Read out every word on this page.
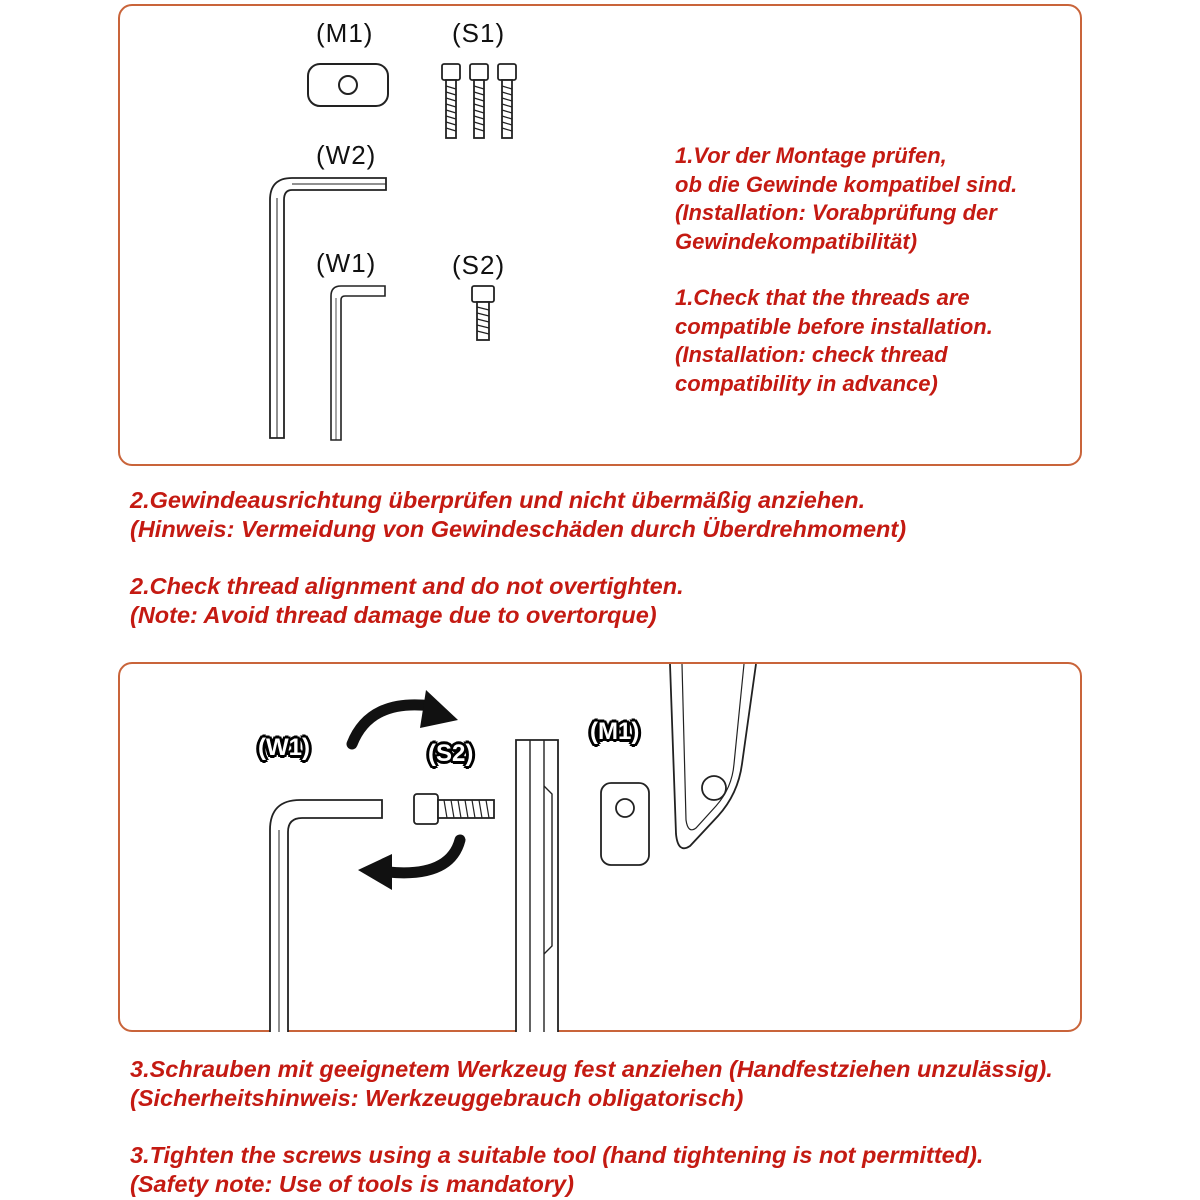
(M1)	(S1)
(W2)
(W1)	(S2)
1.Vor der Montage prüfen,
ob die Gewinde kompatibel sind.
(Installation: Vorabprüfung der
Gewindekompatibilität)
1.Check that the threads are
compatible before installation.
(Installation: check thread
compatibility in advance)
2.Gewindeausrichtung überprüfen und nicht übermäßig anziehen.
(Hinweis: Vermeidung von Gewindeschäden durch Überdrehmoment)
2.Check thread alignment and do not overtighten.
(Note: Avoid thread damage due to overtorque)
(W1)	(S2)
(M1)
3.Schrauben mit geeignetem Werkzeug fest anziehen (Handfestziehen unzulässig).
(Sicherheitshinweis: Werkzeuggebrauch obligatorisch)
3.Tighten the screws using a suitable tool (hand tightening is not permitted).
(Safety note: Use of tools is mandatory)
